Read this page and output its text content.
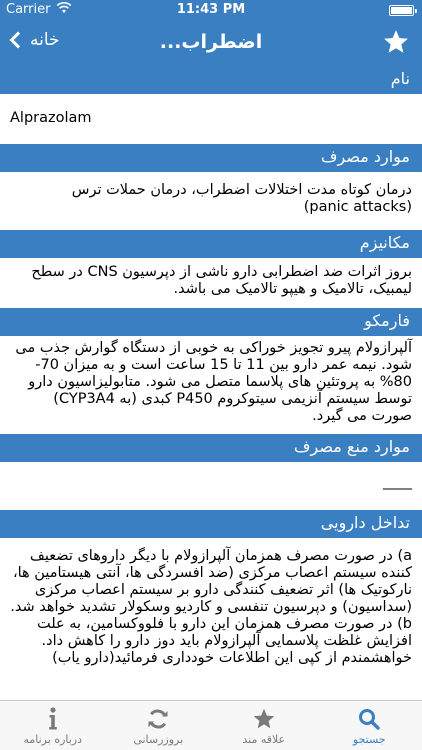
Carrier	11:43 PM
خانه	اضطراب...
نام
Alprazolam
موارد مصرف
درمان کوتاه مدت اختلالات اضطراب، درمان حملات ترس
(panic attacks)
مکانیزم
بروز اثرات ضد اضطرابی دارو ناشی از دپرسیون CNS در سطح لیمبیک، تالامیک و هیپو تالامیک می باشد.
فارمکو
آلپرازولام پیرو تجویز خوراکی به خوبی از دستگاه گوارش جذب می شود. نیمه عمر دارو بین 11 تا 15 ساعت است و به میزان 70-80% به پروتئین های پلاسما متصل می شود. متابولیزاسیون دارو توسط سیستم آنزیمی سیتوکروم P450 کبدی (به CYP3A4) صورت می گیرد.
موارد منع مصرف
____
تداخل دارویی
a) در صورت مصرف همزمان آلپرازولام با دیگر داروهای تضعیف کننده سیستم اعصاب مرکزی (ضد افسردگی ها، آنتی هیستامین ها، نارکوتیک ها) اثر تضعیف کنندگی دارو بر سیستم اعصاب مرکزی (سداسیون) و دپرسیون تنفسی و کاردیو وسکولار تشدید خواهد شد. b) در صورت مصرف همزمان این دارو با فلووکسامین، به علت افزایش غلظت پلاسمایی آلپرازولام باید دوز دارو را کاهش داد. خواهشمندم از کپی این اطلاعات خودداری فرمائید(دارو یاب)
درباره برنامه	بروزرسانی	علاقه مند	جستجو
